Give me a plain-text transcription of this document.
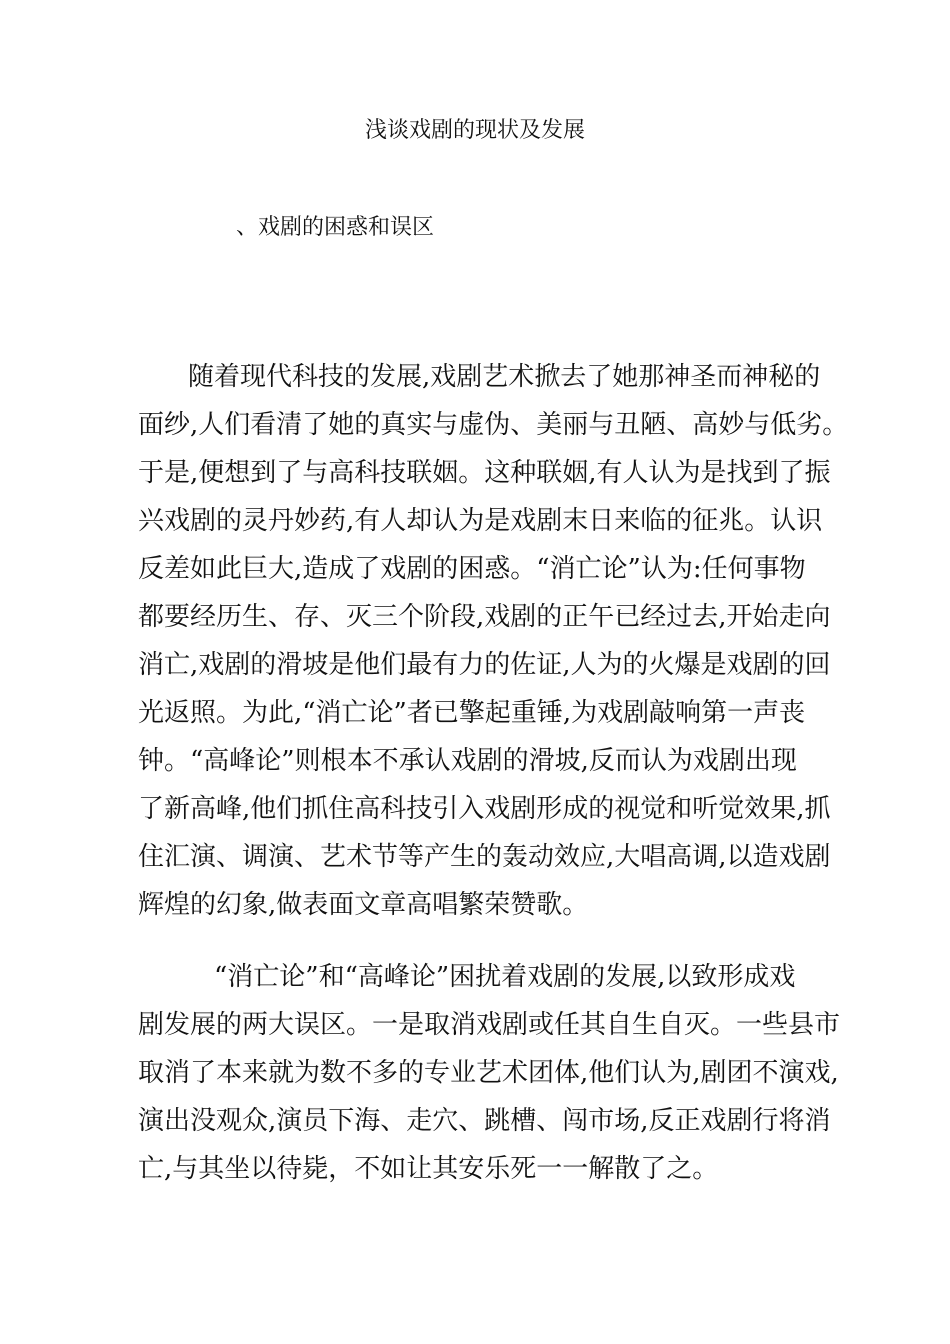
浅谈戏剧的现状及发展
、戏剧的困惑和误区

随着现代科技的发展,戏剧艺术掀去了她那神圣而神秘的
面纱,人们看清了她的真实与虚伪、美丽与丑陋、高妙与低劣。
于是,便想到了与高科技联姻。这种联姻,有人认为是找到了振
兴戏剧的灵丹妙药,有人却认为是戏剧末日来临的征兆。认识
反差如此巨大,造成了戏剧的困惑。“消亡论”认为:任何事物
都要经历生、存、灭三个阶段,戏剧的正午已经过去,开始走向
消亡,戏剧的滑坡是他们最有力的佐证,人为的火爆是戏剧的回
光返照。为此,“消亡论”者已擎起重锤,为戏剧敲响第一声丧
钟。“高峰论”则根本不承认戏剧的滑坡,反而认为戏剧出现
了新高峰,他们抓住高科技引入戏剧形成的视觉和听觉效果,抓
住汇演、调演、艺术节等产生的轰动效应,大唱高调,以造戏剧
辉煌的幻象,做表面文章高唱繁荣赞歌。

“消亡论”和“高峰论”困扰着戏剧的发展,以致形成戏
剧发展的两大误区。一是取消戏剧或任其自生自灭。一些县市
取消了本来就为数不多的专业艺术团体,他们认为,剧团不演戏,
演出没观众,演员下海、走穴、跳槽、闯市场,反正戏剧行将消
亡,与其坐以待毙，不如让其安乐死一一解散了之。
